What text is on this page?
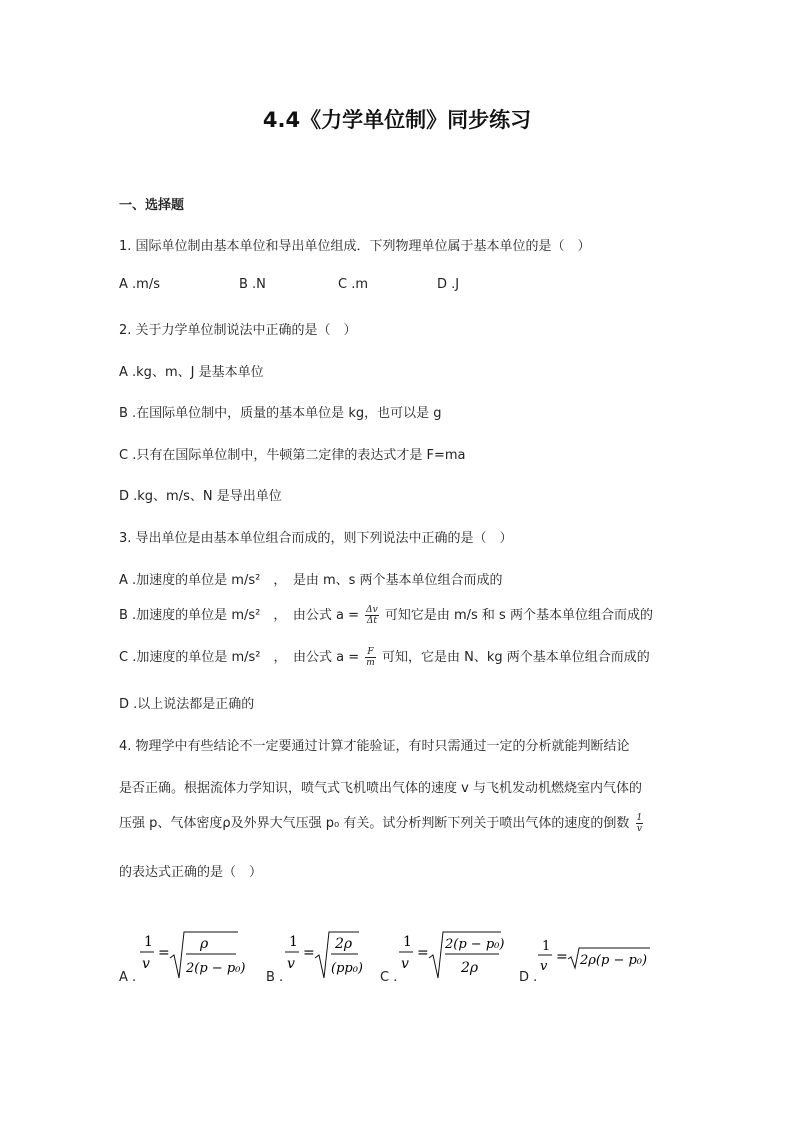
4.4《力学单位制》同步练习
一、选择题
1. 国际单位制由基本单位和导出单位组成．下列物理单位属于基本单位的是（　）
A .m/s	B .N	C .m	D .J
2. 关于力学单位制说法中正确的是（　）
A .kg、m、J 是基本单位
B .在国际单位制中，质量的基本单位是 kg，也可以是 g
C .只有在国际单位制中，牛顿第二定律的表达式才是 F=ma
D .kg、m/s、N 是导出单位
3. 导出单位是由基本单位组合而成的，则下列说法中正确的是（　）
A .加速度的单位是 m/s²　，　是由 m、s 两个基本单位组合而成的
B .加速度的单位是 m/s²　，　由公式 $a = \frac{\Delta v}{\Delta t}$ 可知它是由 m/s 和 s 两个基本单位组合而成的
C .加速度的单位是 m/s²　，　由公式 $a = \frac{F}{m}$ 可知，它是由 N、kg 两个基本单位组合而成的
D .以上说法都是正确的
4. 物理学中有些结论不一定要通过计算才能验证，有时只需通过一定的分析就能判断结论
是否正确。根据流体力学知识，喷气式飞机喷出气体的速度 v 与飞机发动机燃烧室内气体的
压强 p、气体密度ρ及外界大气压强 p₀ 有关。试分析判断下列关于喷出气体的速度的倒数 $\frac{1}{v}$
的表达式正确的是（　）
A .
1
v
=
ρ
2(p − p₀)
B .
1
v
=
2ρ
(pp₀)
C .
1
v
=
2(p − p₀)
2ρ
D .
1
v
= 2ρ(p − p₀)
